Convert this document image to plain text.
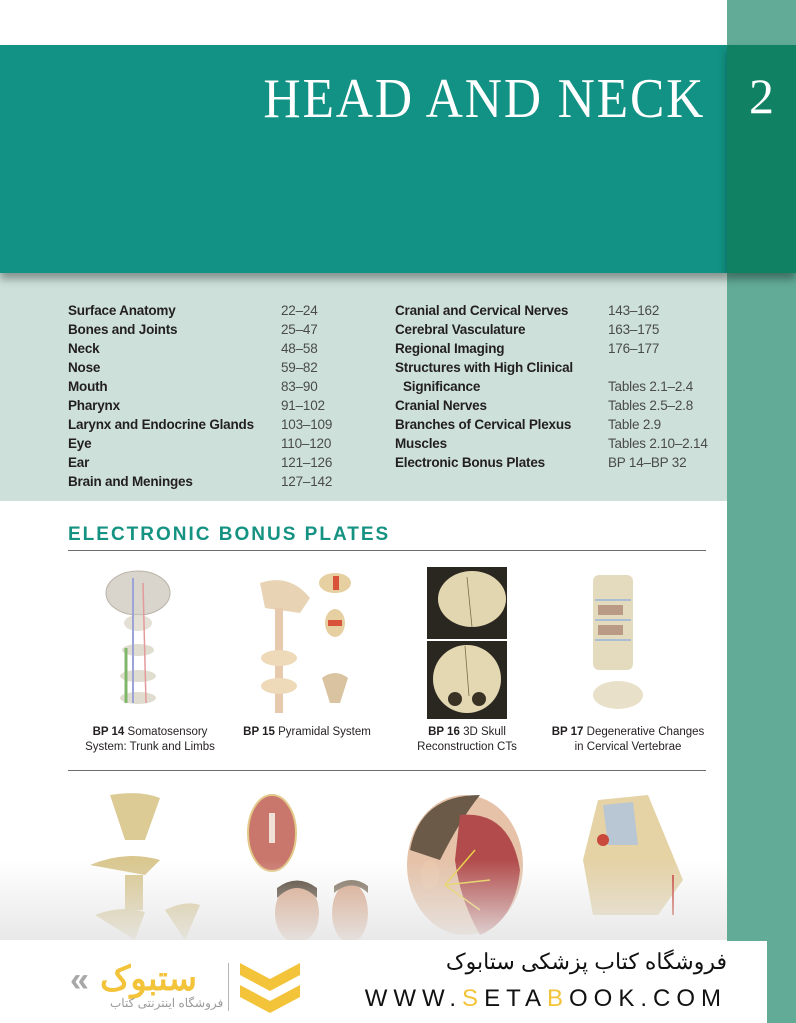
HEAD AND NECK 2
Surface Anatomy	22–24
Bones and Joints	25–47
Neck	48–58
Nose	59–82
Mouth	83–90
Pharynx	91–102
Larynx and Endocrine Glands	103–109
Eye	110–120
Ear	121–126
Brain and Meninges	127–142
Cranial and Cervical Nerves	143–162
Cerebral Vasculature	163–175
Regional Imaging	176–177
Structures with High Clinical
Significance	Tables 2.1–2.4
Cranial Nerves	Tables 2.5–2.8
Branches of Cervical Plexus	Table 2.9
Muscles	Tables 2.10–2.14
Electronic Bonus Plates	BP 14–BP 32
ELECTRONIC BONUS PLATES
BP 14 Somatosensory
System: Trunk and Limbs
BP 15 Pyramidal System	BP 16 3D Skull
Reconstruction CTs
BP 17 Degenerative Changes
in Cervical Vertebrae
« ستبوک
فروشگاه اینترنتی کتاب
فروشگاه کتاب پزشکی ستابوک
WWW.SETABOOK.COM
